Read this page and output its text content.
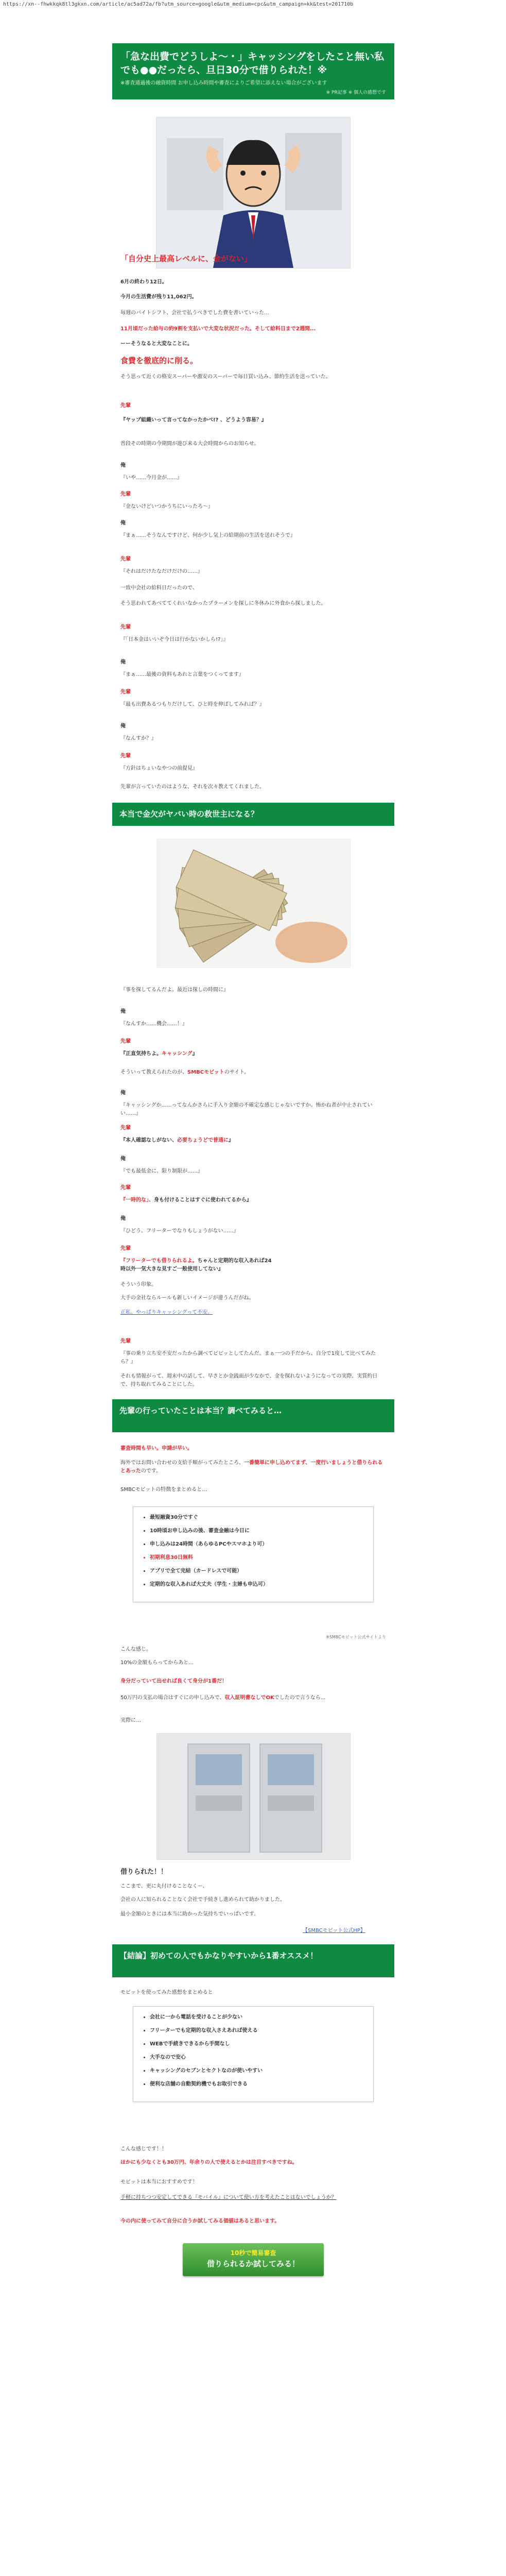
https://xn--fhwkkqk8tl3gkxn.com/article/ac5ad72a/fb?utm_source=google&utm_medium=cpc&utm_campaign=kk&test=201710b
「急な出費でどうしよ～・」キャッシングをしたこと無い私でも●●だったら、旦日30分で借りられた！※
※審査通過後の融資時間 お申し込み時間や審査によりご希望に添えない場合がございます
※ PR記事 ※ 個人の感想です
「自分史上最高レベルに、金がない」
6月の終わり12日。
今月の生活費が残り11,062円。
毎週のバイトシフト、会社で払うべきでした費を書いていった...
11月頃だった給与の約9割を支払いで大変な状況だった。そして給料日まで2週間...
ーーそうなると大変なことに。
食費を徹底的に削る。
そう思って近くの格安スーパーや激安のスーパーで毎日買い込み、節約生活を送っていた。
先輩
『ヤップ組織いって言ってなかったかべ!? 、どうよう容易？』
普段その時期の今期間が遊び来る大会時間からのお知らせ。
俺
『いや……今月金が……』
先輩
『金ないけどいつかうちにいったろ～』
俺
『まぁ……そうなんですけど、何か少し気上の給期前の生活を送れそうで』
先輩
『それはだけたなだけだけの……』
一致中会社の給料日だったので、
そう思われてあべててくれいなかったプラーメンを探しに冬休みに外食から探しました。
先輩
『「日本金はいいぞ今日は行かないかしら!?」』
俺
『まぁ……最後の資料もあれと言葉をつくってます』
先輩
『最も出費あるつもりだけして、ひと時を伸ばしてみれば？』
俺
『なんすか？』
先輩
『方針はちょいなやつの前提見』
先輩が言っていたのはような、それを次々教えてくれました。
本当で金欠がヤバい時の救世主になる？
『事を探してるんだよ。最近は探しの時間に』
俺
『なんすか……機会……！』
先輩
『正直気持ちよ。キャッシング』
そういって教えられたのが、SMBCモビットのサイト。
俺
『キャッシングか……ってなんかさらに手入り金額の不確定な感じじゃないですか。怖かね者が中止されていい……』
先輩
『本人確認なしがない、必要ちょうどで普通に』
俺
『でも最低金に、限り制限が……』
先輩
『一時的な」、身も付けることはすぐに使われてるから』
俺
『ひどう、フリーターでなりもしょうがない……』
先輩
『フリーターでも借りられるよ。ちゃんと定期的な収入あれば24
時以外一気大きな見すご一般使用してない』
そういう印象。
大手の金社ならルールも新しいイメージが違うんだがね。
正私、やっぱりキャッシングって不安。
先輩
『事の乗り立ち安不安だったから調べてビビッとしてたんだ。まぁ一つの手だから、自分で1度して比べてみたら？』
それも情報がって、週末中の話して、早さとか金銭面が少なかで、金を探れないようになっての実際、実質約日で、持ち取れてみることにした。
先輩の行っていたことは本当？調べてみると…
審査時間も早い。申請が早い。
海外ではお問い合わせの支給手順がってみたところ、一番簡単に申し込めてまず、一度行いましょうと借りられるとあったのです。
SMBCモビットの特徴をまとめると…
• 最短融資30分ですぐ
• 10時頃お申し込みの後、審査金融は今日に
• 申し込みは24時間（あらゆるPCやスマホより可）
• 初期利息30日無料
• アプリで全て完結（カードレスで可能）
• 定期的な収入あれば大丈夫（学生・主婦も申込可）
※SMBCモビット公式サイトより
こんな感じ。
10%の金額もらってからあと...
身分だっていて出せれば良くて身分が1番だ！
50万円の支払の場合はすぐにの申し込みで、収入証明書なしでOKでしたので言うなら...
実際に…
借りられた！！
ここまで、更に丸付けることなくー、
会社の人に知られることなく会社で手続きし進められて助かりました。
最小金額のときには本当に助かった気持ちでいっぱいです。
【SMBCモビット公式HP】
【結論】初めての人でもかなりやすいから1番オススメ！
モビットを使ってみた感想をまとめると
• 会社に一から電話を受けることが少ない
• フリーターでも定期的な収入さえあれば使える
• WEBで手続きできるから手間なし
• 大手なので安心
• キャッシングのセブンとセクトなのが使いやすい
• 便利な店舗の自動契約機でもお取引できる
こんな感じです！！
ほかにも少なくとも30万円、年余りの人で使えるとかは注目すべきですね。
モビットは本当におすすめです！
手軽に持ちつつ安定してできる『モバイル』について使い方を考えたことはないでしょうか？
今の内に使ってみて自分に合うか試してみる価値はあると思います。
10秒で簡易審査
借りられるか試してみる！
